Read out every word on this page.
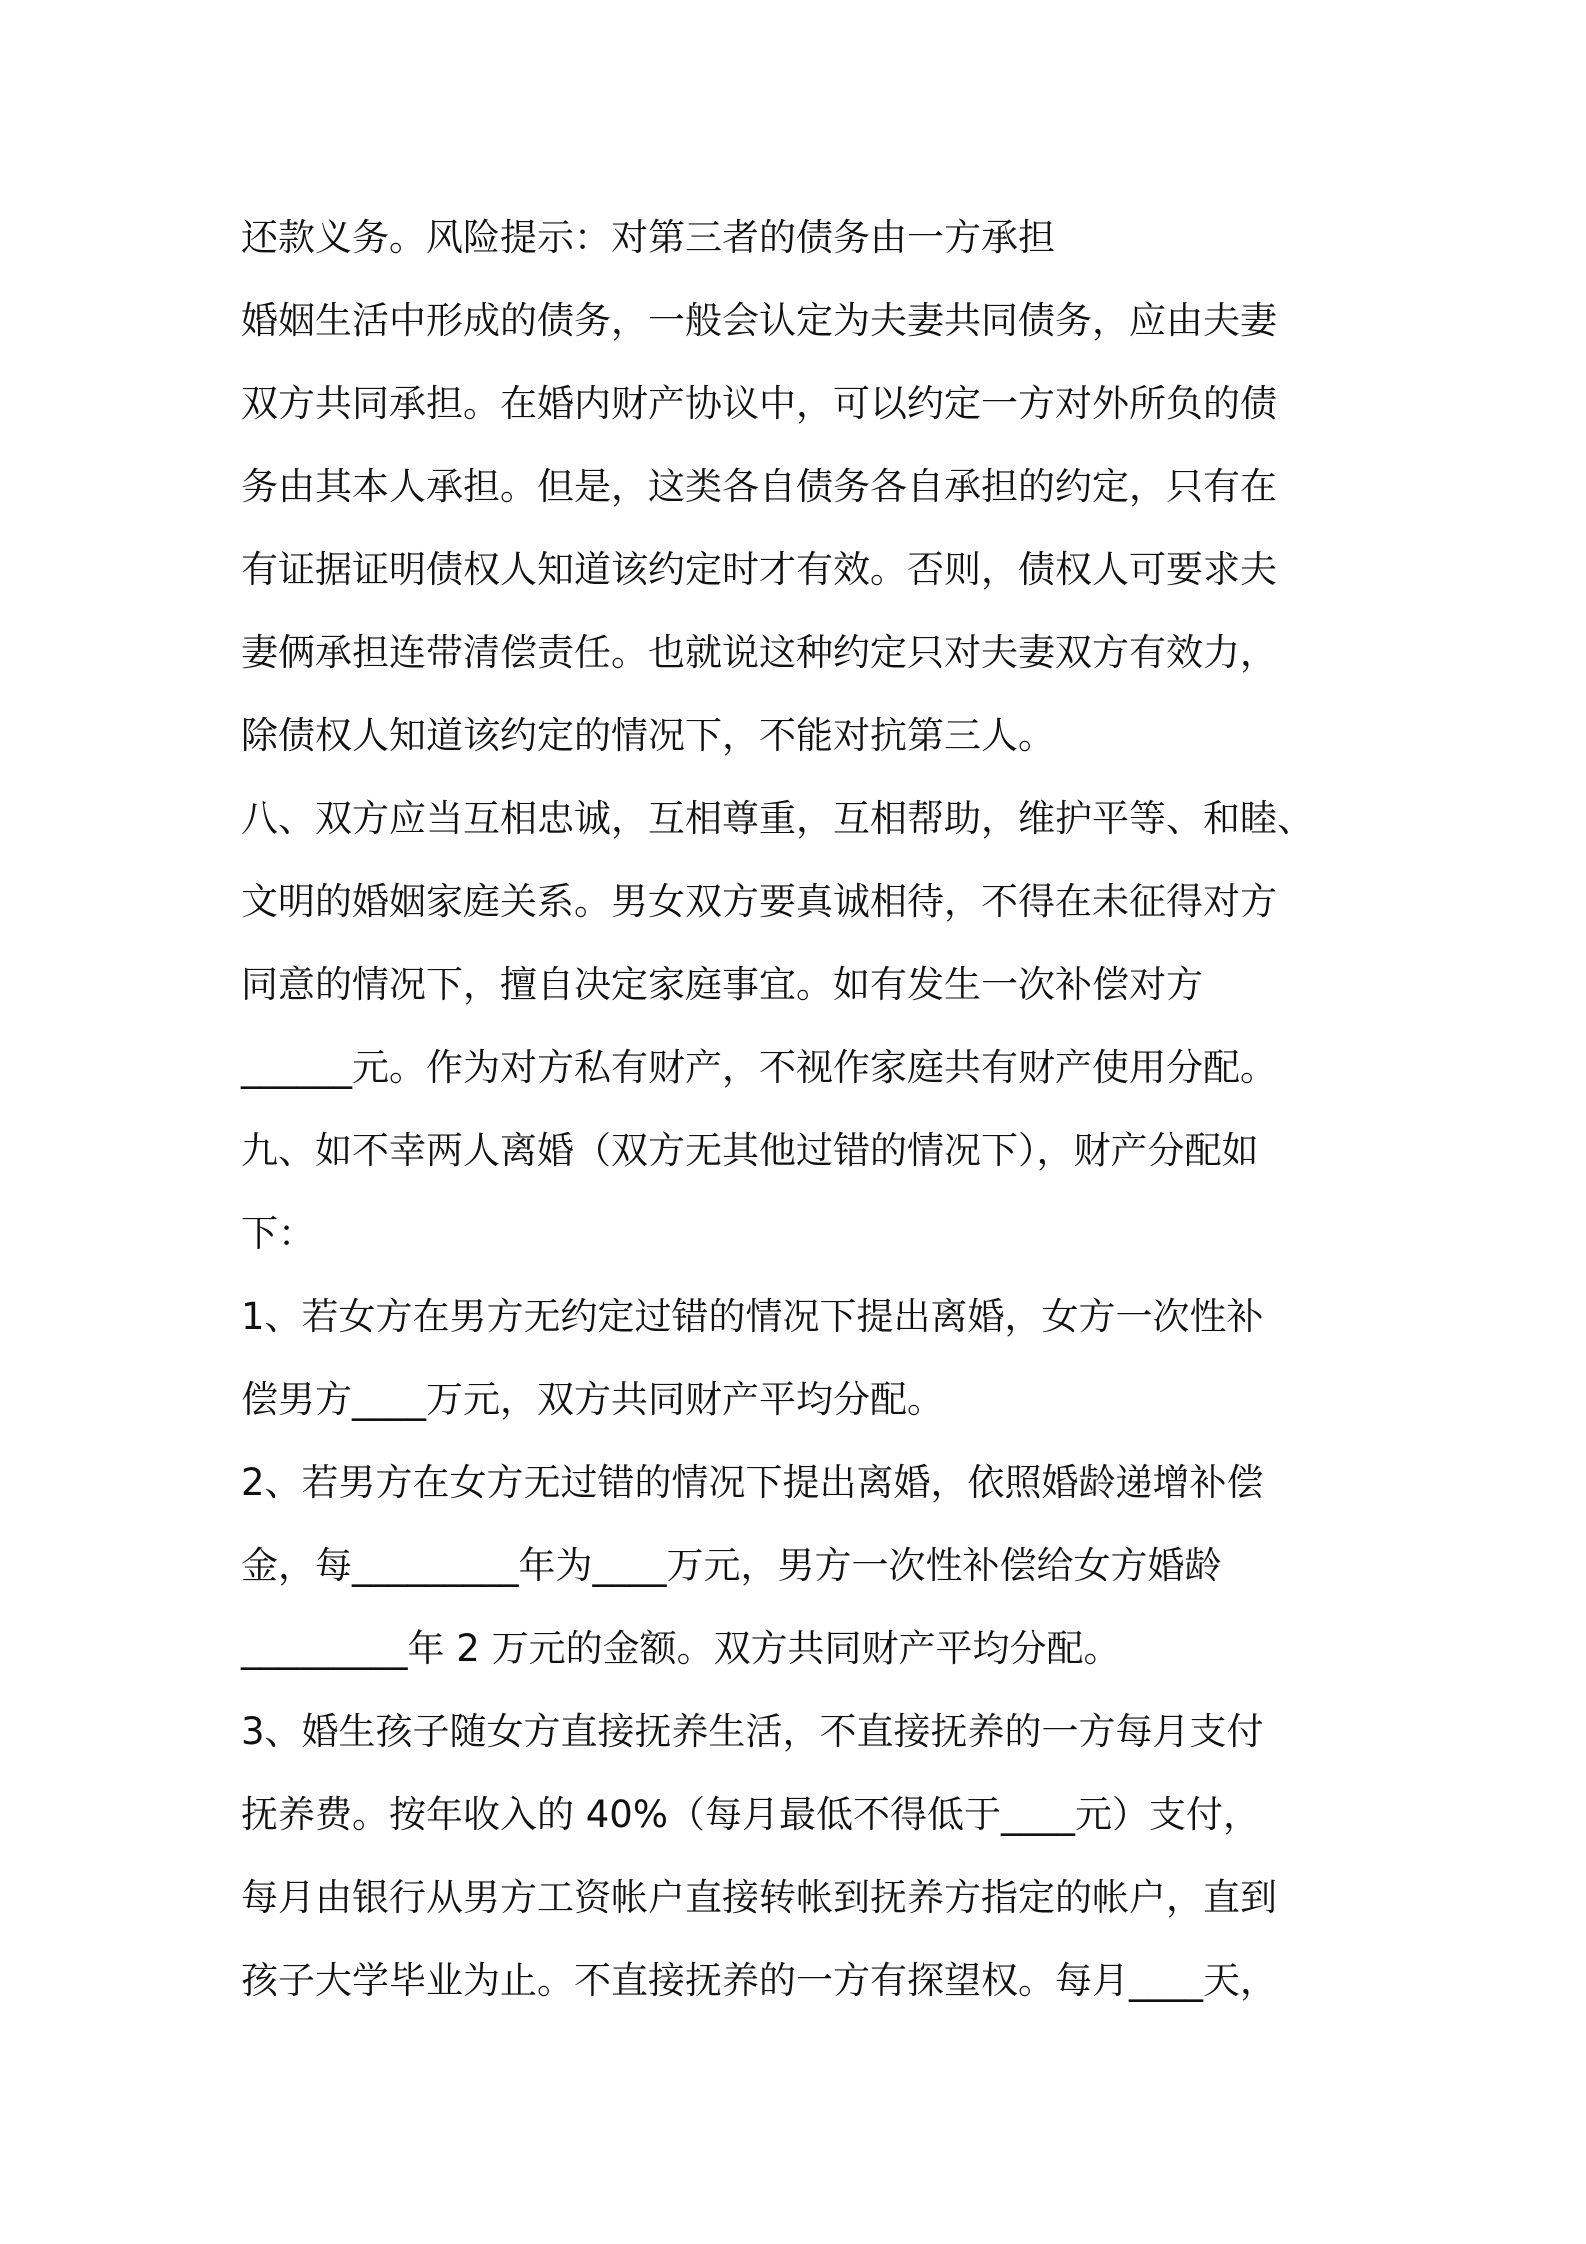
还款义务。风险提示：对第三者的债务由一方承担
婚姻生活中形成的债务，一般会认定为夫妻共同债务，应由夫妻
双方共同承担。在婚内财产协议中，可以约定一方对外所负的债
务由其本人承担。但是，这类各自债务各自承担的约定，只有在
有证据证明债权人知道该约定时才有效。否则，债权人可要求夫
妻俩承担连带清偿责任。也就说这种约定只对夫妻双方有效力，
除债权人知道该约定的情况下，不能对抗第三人。
八、双方应当互相忠诚，互相尊重，互相帮助，维护平等、和睦、
文明的婚姻家庭关系。男女双方要真诚相待，不得在未征得对方
同意的情况下，擅自决定家庭事宜。如有发生一次补偿对方
______元。作为对方私有财产，不视作家庭共有财产使用分配。
九、如不幸两人离婚（双方无其他过错的情况下），财产分配如
下：
1、若女方在男方无约定过错的情况下提出离婚，女方一次性补
偿男方____万元，双方共同财产平均分配。
2、若男方在女方无过错的情况下提出离婚，依照婚龄递增补偿
金，每_________年为____万元，男方一次性补偿给女方婚龄
_________年 2 万元的金额。双方共同财产平均分配。
3、婚生孩子随女方直接抚养生活，不直接抚养的一方每月支付
抚养费。按年收入的 40%（每月最低不得低于____元）支付，
每月由银行从男方工资帐户直接转帐到抚养方指定的帐户，直到
孩子大学毕业为止。不直接抚养的一方有探望权。每月____天，
